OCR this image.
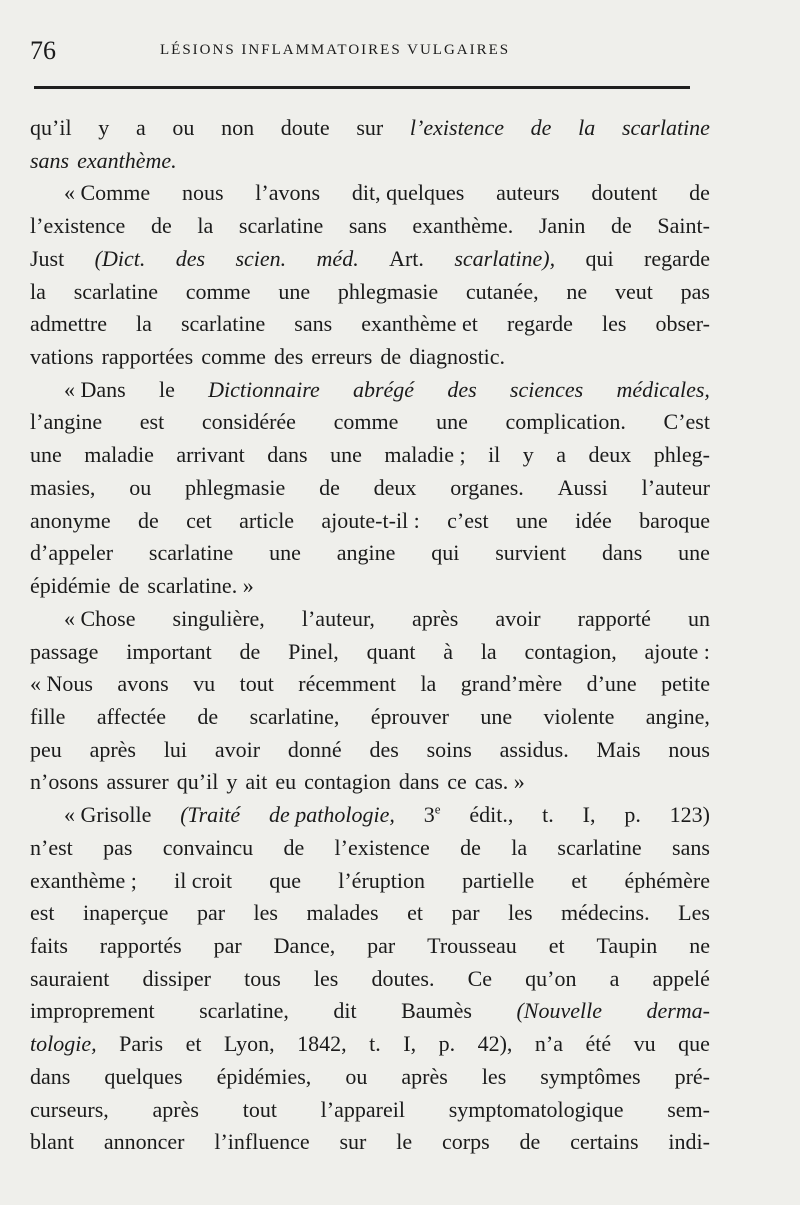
76	LÉSIONS INFLAMMATOIRES VULGAIRES
qu’il y a ou non doute sur l’existence de la scarlatine
sans exanthème.
« Comme nous l’avons dit, quelques auteurs doutent de
l’existence de la scarlatine sans exanthème. Janin de Saint-
Just (Dict. des scien. méd. Art. scarlatine), qui regarde
la scarlatine comme une phlegmasie cutanée, ne veut pas
admettre la scarlatine sans exanthème et regarde les obser-
vations rapportées comme des erreurs de diagnostic.
« Dans le Dictionnaire abrégé des sciences médicales,
l’angine est considérée comme une complication. C’est
une maladie arrivant dans une maladie ; il y a deux phleg-
masies, ou phlegmasie de deux organes. Aussi l’auteur
anonyme de cet article ajoute-t-il : c’est une idée baroque
d’appeler scarlatine une angine qui survient dans une
épidémie de scarlatine. »
« Chose singulière, l’auteur, après avoir rapporté un
passage important de Pinel, quant à la contagion, ajoute :
« Nous avons vu tout récemment la grand’mère d’une petite
fille affectée de scarlatine, éprouver une violente angine,
peu après lui avoir donné des soins assidus. Mais nous
n’osons assurer qu’il y ait eu contagion dans ce cas. »
« Grisolle (Traité de pathologie, 3e édit., t. I, p. 123)
n’est pas convaincu de l’existence de la scarlatine sans
exanthème ; il croit que l’éruption partielle et éphémère
est inaperçue par les malades et par les médecins. Les
faits rapportés par Dance, par Trousseau et Taupin ne
sauraient dissiper tous les doutes. Ce qu’on a appelé
improprement scarlatine, dit Baumès (Nouvelle derma-
tologie, Paris et Lyon, 1842, t. I, p. 42), n’a été vu que
dans quelques épidémies, ou après les symptômes pré-
curseurs, après tout l’appareil symptomatologique sem-
blant annoncer l’influence sur le corps de certains indi-
